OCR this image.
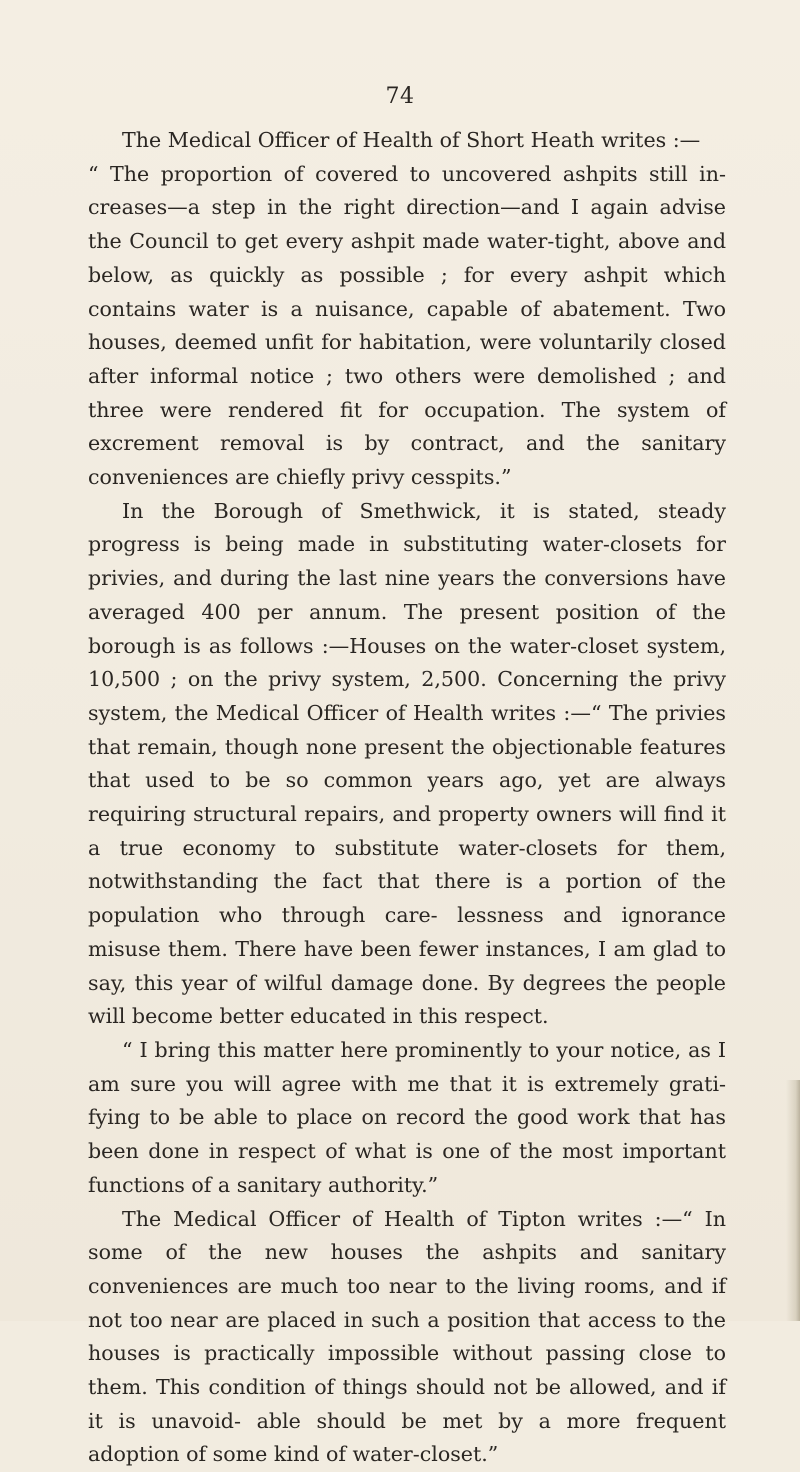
74

The Medical Officer of Health of Short Heath writes :—

“ The proportion of covered to uncovered ashpits still in- creases—a step in the right direction—and I again advise the Council to get every ashpit made water-tight, above and below, as quickly as possible ; for every ashpit which contains water is a nuisance, capable of abatement. Two houses, deemed unfit for habitation, were voluntarily closed after informal notice ; two others were demolished ; and three were rendered fit for occupation. The system of excrement removal is by contract, and the sanitary conveniences are chiefly privy cesspits.”

In the Borough of Smethwick, it is stated, steady progress is being made in substituting water-closets for privies, and during the last nine years the conversions have averaged 400 per annum. The present position of the borough is as follows :—Houses on the water-closet system, 10,500 ; on the privy system, 2,500. Concerning the privy system, the Medical Officer of Health writes :—“ The privies that remain, though none present the objectionable features that used to be so common years ago, yet are always requiring structural repairs, and property owners will find it a true economy to substitute water-closets for them, notwithstanding the fact that there is a portion of the population who through care- lessness and ignorance misuse them. There have been fewer instances, I am glad to say, this year of wilful damage done. By degrees the people will become better educated in this respect.

“ I bring this matter here prominently to your notice, as I am sure you will agree with me that it is extremely grati- fying to be able to place on record the good work that has been done in respect of what is one of the most important functions of a sanitary authority.”

The Medical Officer of Health of Tipton writes :—“ In some of the new houses the ashpits and sanitary conveniences are much too near to the living rooms, and if not too near are placed in such a position that access to the houses is practically impossible without passing close to them. This condition of things should not be allowed, and if it is unavoid- able should be met by a more frequent adoption of some kind of water-closet.”
